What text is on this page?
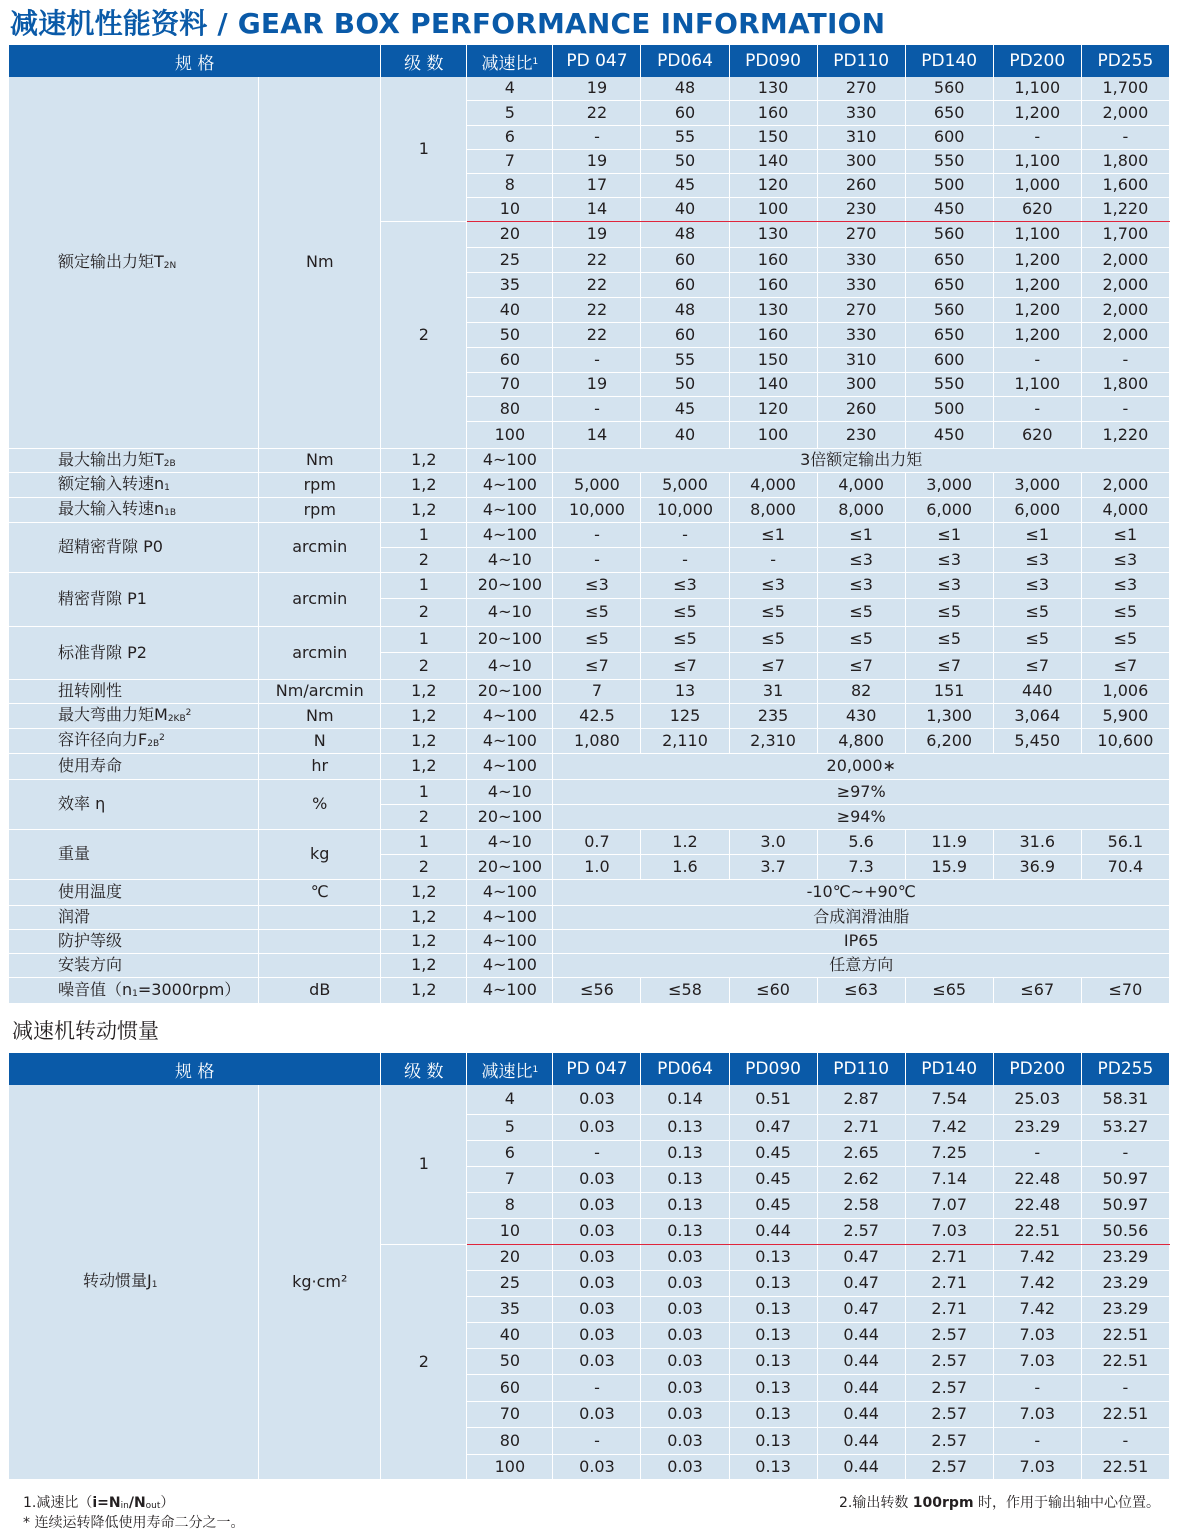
减速机性能资料 / GEAR BOX PERFORMANCE INFORMATION
规 格		级 数	减速比$^1$	PD 047	PD064	PD090	PD110	PD140	PD200	PD255
额定输出力矩$T_{2N}$	Nm	1	4	19	48	130	270	560	1,100	1,700
			5	22	60	160	330	650	1,200	2,000
			6	-	55	150	310	600	-	-
			7	19	50	140	300	550	1,100	1,800
			8	17	45	120	260	500	1,000	1,600
			10	14	40	100	230	450	620	1,220
		2	20	19	48	130	270	560	1,100	1,700
			25	22	60	160	330	650	1,200	2,000
			35	22	60	160	330	650	1,200	2,000
			40	22	48	130	270	560	1,200	2,000
			50	22	60	160	330	650	1,200	2,000
			60	-	55	150	310	600	-	-
			70	19	50	140	300	550	1,100	1,800
			80	-	45	120	260	500	-	-
			100	14	40	100	230	450	620	1,220
最大输出力矩$T_{2B}$	Nm	1,2	4~100	3倍额定输出力矩						
额定输入转速$n_1$	rpm	1,2	4~100	5,000	5,000	4,000	4,000	3,000	3,000	2,000
最大输入转速$n_{1B}$	rpm	1,2	4~100	10,000	10,000	8,000	8,000	6,000	6,000	4,000
超精密背隙 P0	arcmin	1	4~100	-	-	≤1	≤1	≤1	≤1	≤1
		2	4~10	-	-	-	≤3	≤3	≤3	≤3
精密背隙 P1	arcmin	1	20~100	≤3	≤3	≤3	≤3	≤3	≤3	≤3
		2	4~10	≤5	≤5	≤5	≤5	≤5	≤5	≤5
标准背隙 P2	arcmin	1	20~100	≤5	≤5	≤5	≤5	≤5	≤5	≤5
		2	4~10	≤7	≤7	≤7	≤7	≤7	≤7	≤7
扭转刚性	Nm/arcmin	1,2	20~100	7	13	31	82	151	440	1,006
最大弯曲力矩$M_{2KB}^2$	Nm	1,2	4~100	42.5	125	235	430	1,300	3,064	5,900
容许径向力$F_{2B}^2$	N	1,2	4~100	1,080	2,110	2,310	4,800	6,200	5,450	10,600
使用寿命	hr	1,2	4~100	20,000∗						
效率 η	%	1	4~10	≥97%						
		2	20~100	≥94%						
重量	kg	1	4~10	0.7	1.2	3.0	5.6	11.9	31.6	56.1
		2	20~100	1.0	1.6	3.7	7.3	15.9	36.9	70.4
使用温度	℃	1,2	4~100	-10℃~+90℃						
润滑		1,2	4~100	合成润滑油脂						
防护等级		1,2	4~100	IP65						
安装方向		1,2	4~100	任意方向						
噪音值$(n_1=3000rpm)$	dB	1,2	4~100	≤56	≤58	≤60	≤63	≤65	≤67	≤70
减速机转动惯量
规 格		级 数	减速比$^1$	PD 047	PD064	PD090	PD110	PD140	PD200	PD255
转动惯量$J_1$	kg·cm²	1	4	0.03	0.14	0.51	2.87	7.54	25.03	58.31
			5	0.03	0.13	0.47	2.71	7.42	23.29	53.27
			6	-	0.13	0.45	2.65	7.25	-	-
			7	0.03	0.13	0.45	2.62	7.14	22.48	50.97
			8	0.03	0.13	0.45	2.58	7.07	22.48	50.97
			10	0.03	0.13	0.44	2.57	7.03	22.51	50.56
		2	20	0.03	0.03	0.13	0.47	2.71	7.42	23.29
			25	0.03	0.03	0.13	0.47	2.71	7.42	23.29
			35	0.03	0.03	0.13	0.47	2.71	7.42	23.29
			40	0.03	0.03	0.13	0.44	2.57	7.03	22.51
			50	0.03	0.03	0.13	0.44	2.57	7.03	22.51
			60	-	0.03	0.13	0.44	2.57	-	-
			70	0.03	0.03	0.13	0.44	2.57	7.03	22.51
			80	-	0.03	0.13	0.44	2.57	-	-
			100	0.03	0.03	0.13	0.44	2.57	7.03	22.51
1.减速比$(i=N_{in}/N_{out})$	2.输出转数 100rpm 时，作用于输出轴中心位置。
* 连续运转降低使用寿命二分之一。
